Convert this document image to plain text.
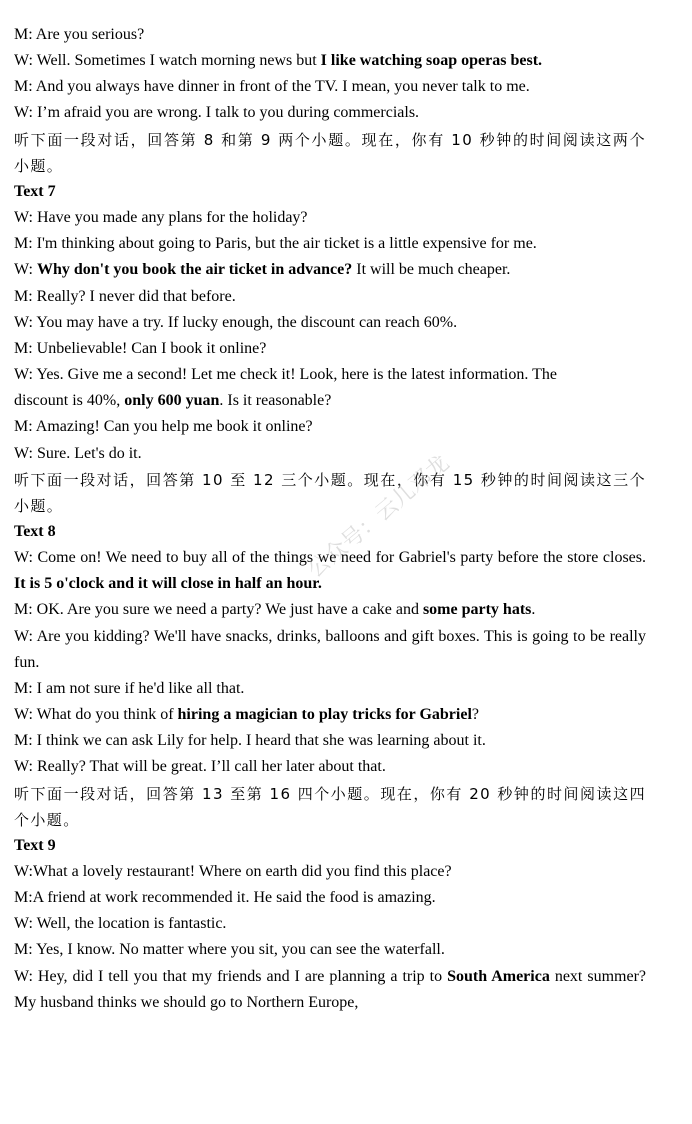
M: Are you serious?

W: Well. Sometimes I watch morning news but I like watching soap operas best.

M: And you always have dinner in front of the TV. I mean, you never talk to me.

W: I’m afraid you are wrong. I talk to you during commercials.

听下面一段对话，回答第 8 和第 9 两个小题。现在，你有 10 秒钟的时间阅读这两个小题。

Text 7

W: Have you made any plans for the holiday?

M: I'm thinking about going to Paris, but the air ticket is a little expensive for me.

W: Why don't you book the air ticket in advance? It will be much cheaper.

M: Really? I never did that before.

W: You may have a try. If lucky enough, the discount can reach 60%.

M: Unbelievable! Can I book it online?

W: Yes. Give me a second! Let me check it! Look, here is the latest information. The

discount is 40%, only 600 yuan. Is it reasonable?

M: Amazing! Can you help me book it online?

W: Sure. Let's do it.

听下面一段对话，回答第 10 至 12 三个小题。现在，你有 15 秒钟的时间阅读这三个小题。

Text 8

W: Come on! We need to buy all of the things we need for Gabriel's party before the store closes. It is 5 o'clock and it will close in half an hour.

M: OK. Are you sure we need a party? We just have a cake and some party hats.

W: Are you kidding? We'll have snacks, drinks, balloons and gift boxes. This is going to be really fun.

M: I am not sure if he'd like all that.

W: What do you think of hiring a magician to play tricks for Gabriel?

M: I think we can ask Lily for help. I heard that she was learning about it.

W: Really? That will be great. I’ll call her later about that.

听下面一段对话，回答第 13 至第 16 四个小题。现在，你有 20 秒钟的时间阅读这四个小题。

Text 9

W:What a lovely restaurant! Where on earth did you find this place?

M:A friend at work recommended it. He said the food is amazing.

W: Well, the location is fantastic.

M: Yes, I know. No matter where you sit, you can see the waterfall.

W: Hey, did I tell you that my friends and I are planning a trip to South America next summer? My husband thinks we should go to Northern Europe,

公众号：云儿邓龙
